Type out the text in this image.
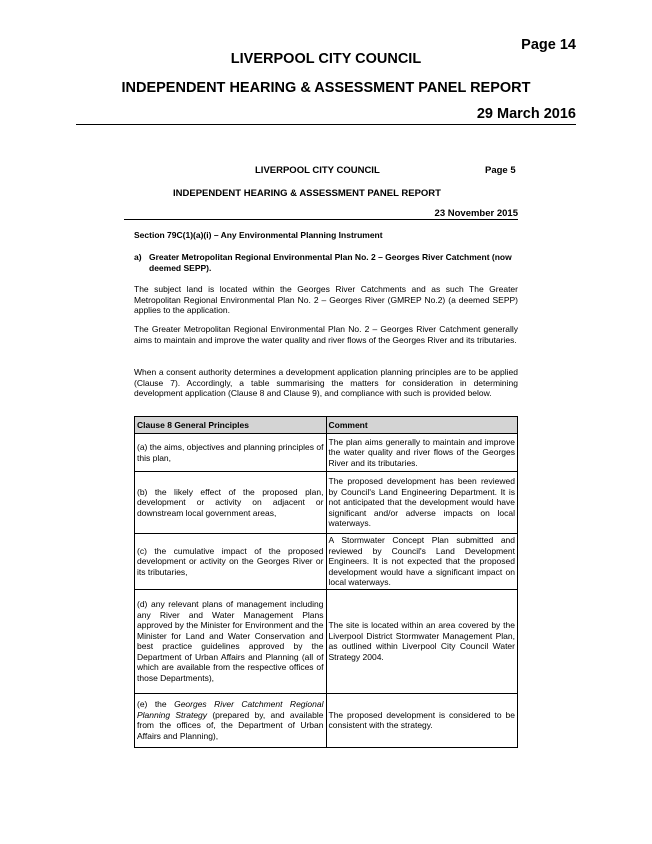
Page 14
LIVERPOOL CITY COUNCIL
INDEPENDENT HEARING & ASSESSMENT PANEL REPORT
29 March 2016
LIVERPOOL CITY COUNCIL	Page 5
INDEPENDENT HEARING & ASSESSMENT PANEL REPORT
23 November 2015
Section 79C(1)(a)(i) – Any Environmental Planning Instrument
a) Greater Metropolitan Regional Environmental Plan No. 2 – Georges River Catchment (now deemed SEPP).
The subject land is located within the Georges River Catchments and as such The Greater Metropolitan Regional Environmental Plan No. 2 – Georges River (GMREP No.2) (a deemed SEPP) applies to the application.
The Greater Metropolitan Regional Environmental Plan No. 2 – Georges River Catchment generally aims to maintain and improve the water quality and river flows of the Georges River and its tributaries.
When a consent authority determines a development application planning principles are to be applied (Clause 7). Accordingly, a table summarising the matters for consideration in determining development application (Clause 8 and Clause 9), and compliance with such is provided below.
Clause 8 General Principles	Comment
(a) the aims, objectives and planning principles of this plan,	The plan aims generally to maintain and improve the water quality and river flows of the Georges River and its tributaries.
(b) the likely effect of the proposed plan, development or activity on adjacent or downstream local government areas,	The proposed development has been reviewed by Council's Land Engineering Department. It is not anticipated that the development would have significant and/or adverse impacts on local waterways.
(c) the cumulative impact of the proposed development or activity on the Georges River or its tributaries,	A Stormwater Concept Plan submitted and reviewed by Council's Land Development Engineers. It is not expected that the proposed development would have a significant impact on local waterways.
(d) any relevant plans of management including any River and Water Management Plans approved by the Minister for Environment and the Minister for Land and Water Conservation and best practice guidelines approved by the Department of Urban Affairs and Planning (all of which are available from the respective offices of those Departments),	The site is located within an area covered by the Liverpool District Stormwater Management Plan, as outlined within Liverpool City Council Water Strategy 2004.
(e) the Georges River Catchment Regional Planning Strategy (prepared by, and available from the offices of, the Department of Urban Affairs and Planning),	The proposed development is considered to be consistent with the strategy.
